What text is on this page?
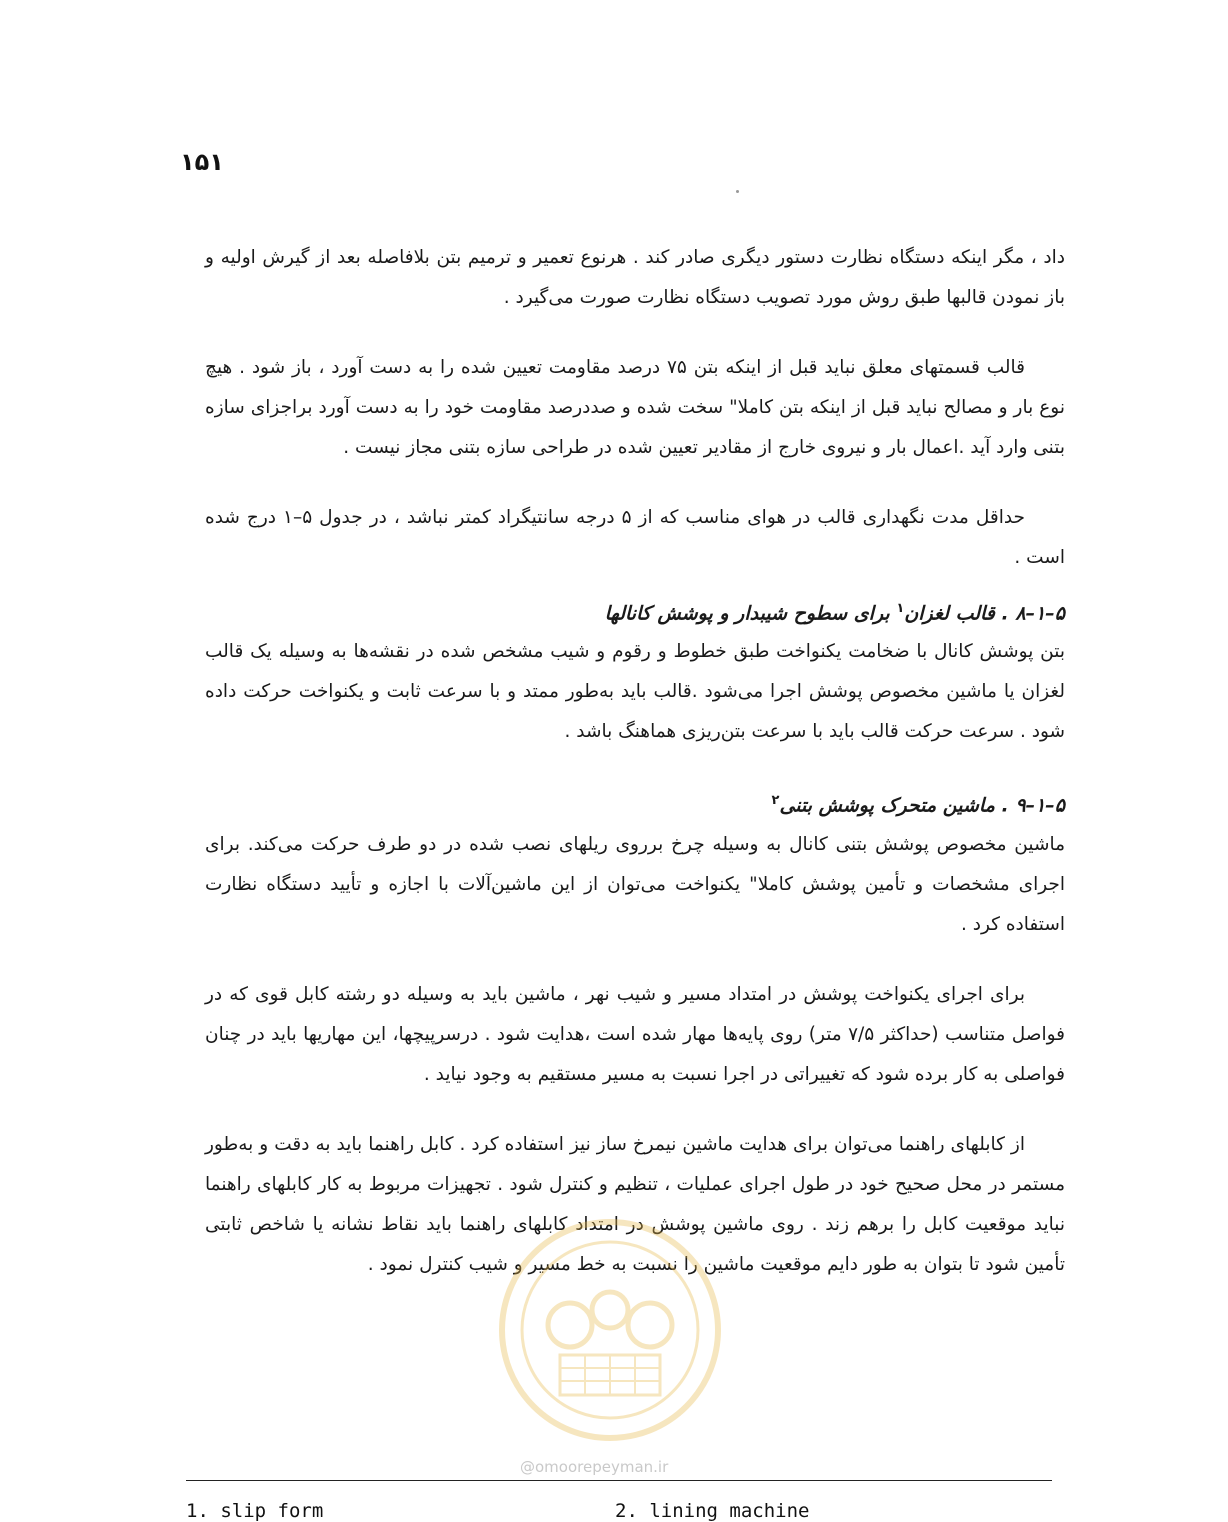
۱۵۱

داد ، مگر اینکه دستگاه نظارت دستور دیگری صادر کند . هرنوع تعمیر و ترمیم بتن بلافاصله بعد از گیرش اولیه و باز نمودن قالبها طبق روش مورد تصویب دستگاه نظارت صورت می‌گیرد .

قالب قسمتهای معلق نباید قبل از اینکه بتن ۷۵ درصد مقاومت تعیین شده را به دست آورد ، باز شود . هیچ نوع بار و مصالح نباید قبل از اینکه بتن کاملا" سخت شده و صددرصد مقاومت خود را به دست آورد براجزای سازه بتنی وارد آید .اعمال بار و نیروی خارج از مقادیر تعیین شده در طراحی سازه بتنی مجاز نیست .

حداقل مدت نگهداری قالب در هوای مناسب که از ۵ درجه سانتیگراد کمتر نباشد ، در جدول ۵–۱ درج شده است .

۵–۱–۸ . قالب لغزان$^۱$ برای سطوح شیبدار و پوشش کانالها

بتن پوشش کانال با ضخامت یکنواخت طبق خطوط و رقوم و شیب مشخص شده در نقشه‌ها به وسیله یک قالب لغزان یا ماشین مخصوص پوشش اجرا می‌شود .قالب باید به‌طور ممتد و با سرعت ثابت و یکنواخت حرکت داده شود . سرعت حرکت قالب باید با سرعت بتن‌ریزی هماهنگ باشد .

۵–۱–۹ . ماشین متحرک پوشش بتنی$^۲$

ماشین مخصوص پوشش بتنی کانال به وسیله چرخ برروی ریلهای نصب شده در دو طرف حرکت می‌کند. برای اجرای مشخصات و تأمین پوشش کاملا" یکنواخت می‌توان از این ماشین‌آلات با اجازه و تأیید دستگاه نظارت استفاده کرد .

برای اجرای یکنواخت پوشش در امتداد مسیر و شیب نهر ، ماشین باید به وسیله دو رشته کابل قوی که در فواصل متناسب (حداکثر ۷/۵ متر) روی پایه‌ها مهار شده است ،هدایت شود . درسرپیچها، این مهاریها باید در چنان فواصلی به کار برده شود که تغییراتی در اجرا نسبت به مسیر مستقیم به وجود نیاید .

از کابلهای راهنما می‌توان برای هدایت ماشین نیمرخ ساز نیز استفاده کرد . کابل راهنما باید به دقت و به‌طور مستمر در محل صحیح خود در طول اجرای عملیات ، تنظیم و کنترل شود . تجهیزات مربوط به کار کابلهای راهنما نباید موقعیت کابل را برهم زند . روی ماشین پوشش در امتداد کابلهای راهنما باید نقاط نشانه یا شاخص ثابتی تأمین شود تا بتوان به طور دایم موقعیت ماشین را نسبت به خط مسیر و شیب کنترل نمود .

@omoorepeyman.ir
1. slip form	2. lining machine
